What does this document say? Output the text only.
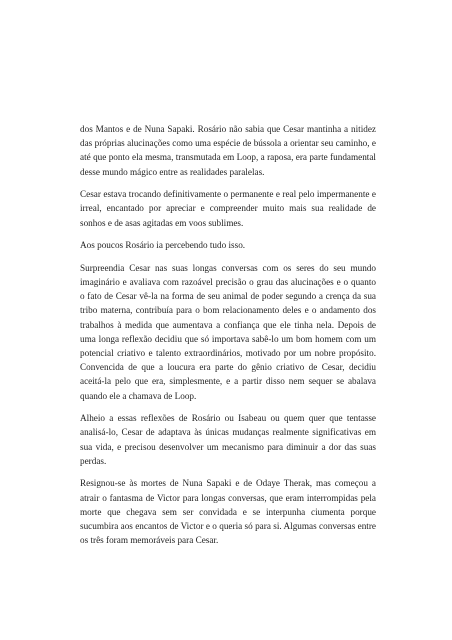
dos Mantos e de Nuna Sapaki. Rosário não sabia que Cesar mantinha a nitidez das próprias alucinações como uma espécie de bússola a orientar seu caminho, e até que ponto ela mesma, transmutada em Loop, a raposa, era parte fundamental desse mundo mágico entre as realidades paralelas.

Cesar estava trocando definitivamente o permanente e real pelo impermanente e irreal, encantado por apreciar e compreender muito mais sua realidade de sonhos e de asas agitadas em voos sublimes.

Aos poucos Rosário ia percebendo tudo isso.

Surpreendia Cesar nas suas longas conversas com os seres do seu mundo imaginário e avaliava com razoável precisão o grau das alucinações e o quanto o fato de Cesar vê-la na forma de seu animal de poder segundo a crença da sua tribo materna, contribuía para o bom relacionamento deles e o andamento dos trabalhos à medida que aumentava a confiança que ele tinha nela. Depois de uma longa reflexão decidiu que só importava sabê-lo um bom homem com um potencial criativo e talento extraordinários, motivado por um nobre propósito. Convencida de que a loucura era parte do gênio criativo de Cesar, decidiu aceitá-la pelo que era, simplesmente, e a partir disso nem sequer se abalava quando ele a chamava de Loop.

Alheio a essas reflexões de Rosário ou Isabeau ou quem quer que tentasse analisá-lo, Cesar de adaptava às únicas mudanças realmente significativas em sua vida, e precisou desenvolver um mecanismo para diminuir a dor das suas perdas.

Resignou-se às mortes de Nuna Sapaki e de Odaye Therak, mas começou a atrair o fantasma de Victor para longas conversas, que eram interrompidas pela morte que chegava sem ser convidada e se interpunha ciumenta porque sucumbira aos encantos de Victor e o queria só para si. Algumas conversas entre os três foram memoráveis para Cesar.
